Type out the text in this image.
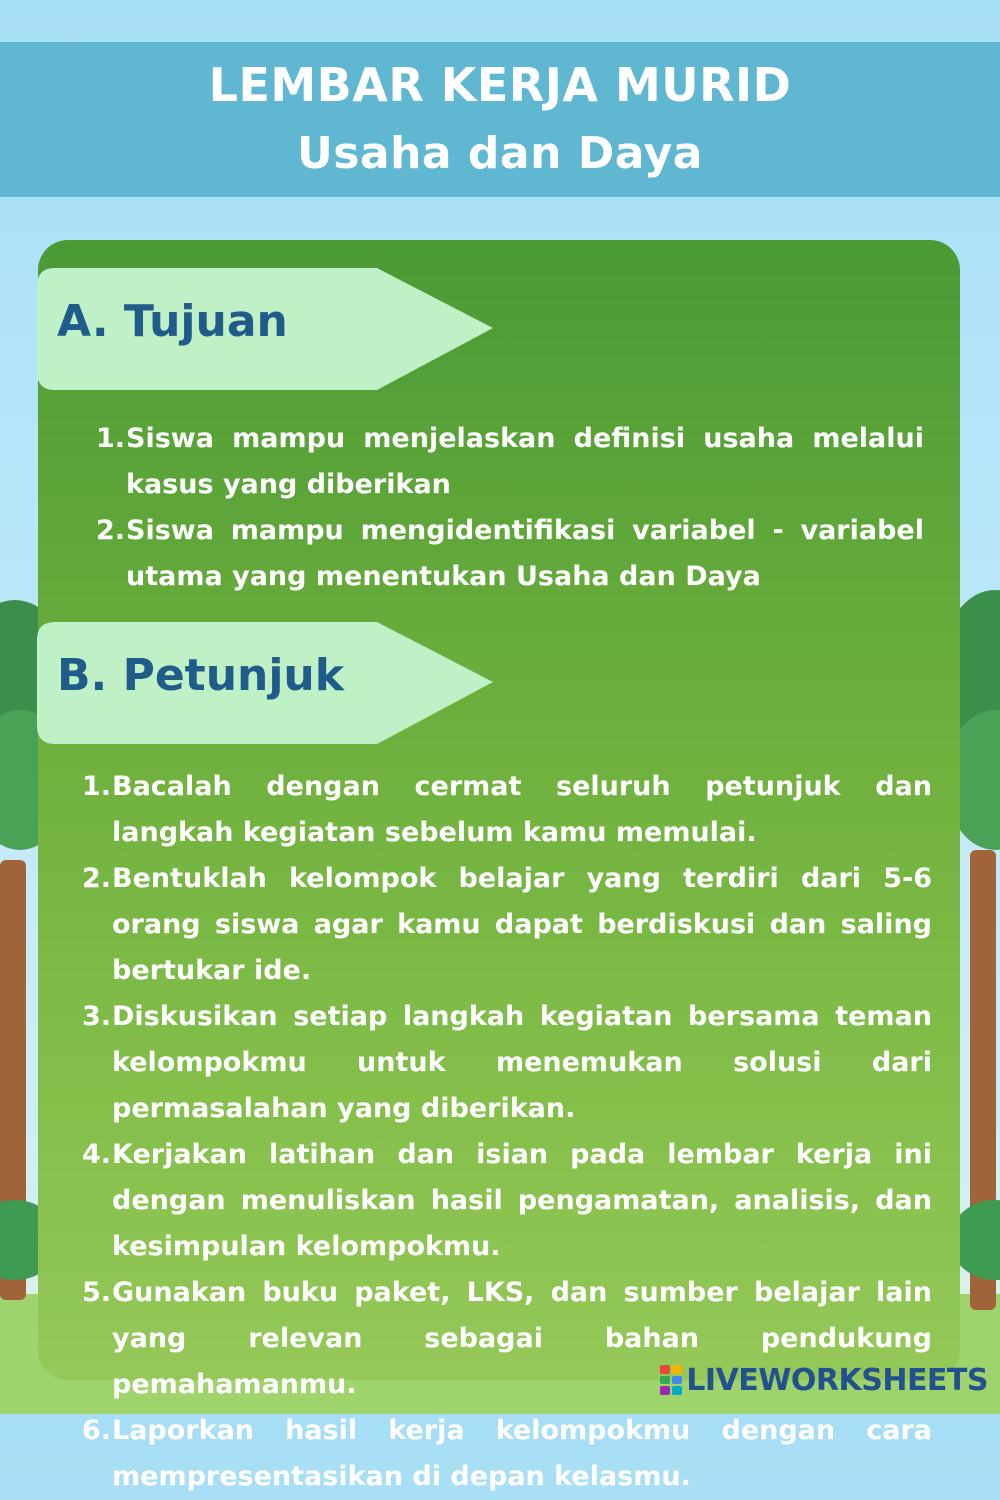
LEMBAR KERJA MURID
Usaha dan Daya
A. Tujuan
1. Siswa mampu menjelaskan definisi usaha melalui kasus yang diberikan
2. Siswa mampu mengidentifikasi variabel - variabel utama yang menentukan Usaha dan Daya
B. Petunjuk
1. Bacalah dengan cermat seluruh petunjuk dan langkah kegiatan sebelum kamu memulai.
2. Bentuklah kelompok belajar yang terdiri dari 5-6 orang siswa agar kamu dapat berdiskusi dan saling bertukar ide.
3. Diskusikan setiap langkah kegiatan bersama teman kelompokmu untuk menemukan solusi dari permasalahan yang diberikan.
4. Kerjakan latihan dan isian pada lembar kerja ini dengan menuliskan hasil pengamatan, analisis, dan kesimpulan kelompokmu.
5. Gunakan buku paket, LKS, dan sumber belajar lain yang relevan sebagai bahan pendukung pemahamanmu.
6. Laporkan hasil kerja kelompokmu dengan cara mempresentasikan di depan kelasmu.
LIVEWORKSHEETS
